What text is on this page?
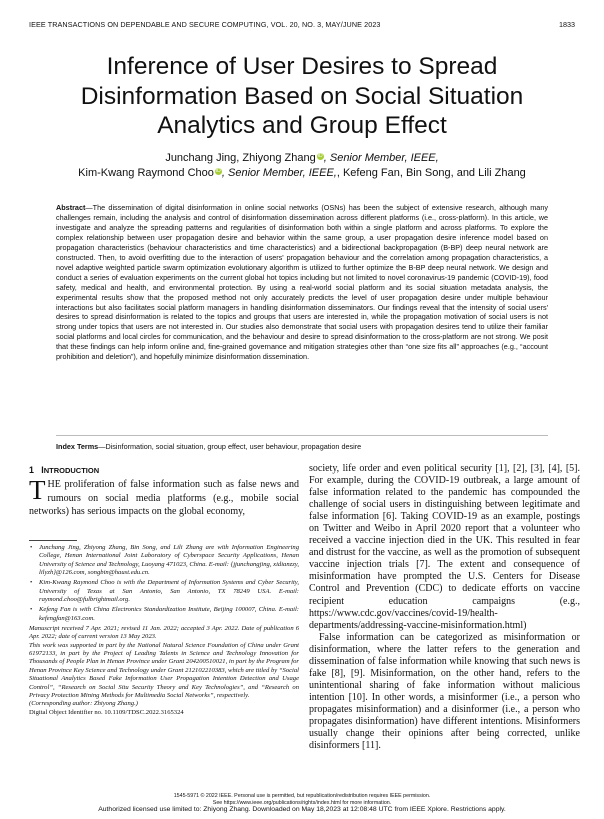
IEEE TRANSACTIONS ON DEPENDABLE AND SECURE COMPUTING, VOL. 20, NO. 3, MAY/JUNE 2023	1833
Inference of User Desires to Spread Disinformation Based on Social Situation Analytics and Group Effect
Junchang Jing, Zhiyong Zhang iD, Senior Member, IEEE,
Kim-Kwang Raymond Choo iD, Senior Member, IEEE,, Kefeng Fan, Bin Song, and Lili Zhang
Abstract—The dissemination of digital disinformation in online social networks (OSNs) has been the subject of extensive research, although many challenges remain, including the analysis and control of disinformation dissemination across different platforms (i.e., cross-platform). In this article, we investigate and analyze the spreading patterns and regularities of disinformation both within a single platform and across platforms. To explore the complex relationship between user propagation desire and behavior within the same group, a user propagation desire inference model based on propagation characteristics (behaviour characteristics and time characteristics) and a bidirectional backpropagation (B-BP) deep neural network are constructed. Then, to avoid overfitting due to the interaction of users' propagation behaviour and the correlation among propagation characteristics, a novel adaptive weighted particle swarm optimization evolutionary algorithm is utilized to further optimize the B-BP deep neural network. We design and conduct a series of evaluation experiments on the current global hot topics including but not limited to novel coronavirus-19 pandemic (COVID-19), food safety, medical and health, and environmental protection. By using a real-world social platform and its social situation metadata analysis, the experimental results show that the proposed method not only accurately predicts the level of user propagation desire under multiple behaviour interactions but also facilitates social platform managers in handling disinformation disseminators. Our findings reveal that the intensity of social users' desires to spread disinformation is related to the topics and groups that users are interested in, while the propagation motivation of social users is not strong under topics that users are not interested in. Our studies also demonstrate that social users with propagation desires tend to utilize their familiar social platforms and local circles for communication, and the behaviour and desire to spread disinformation to the cross-platform are not strong. We posit that these findings can help inform online and, fine-grained governance and mitigation strategies other than “one size fits all” approaches (e.g., “account prohibition and deletion”), and hopefully minimize disinformation dissemination.
Index Terms—Disinformation, social situation, group effect, user behaviour, propagation desire
1 INTRODUCTION
THE proliferation of false information such as false news and rumours on social media platforms (e.g., mobile social networks) has serious impacts on the global economy,
• Junchang Jing, Zhiyong Zhang, Bin Song, and Lili Zhang are with Information Engineering College, Henan International Joint Laboratory of Cyberspace Security Applications, Henan University of Science and Technology, Luoyang 471023, China. E-mail: {jjunchangjing, xidianzzy, lilyzh}@126.com, songbin@haust.edu.cn.
• Kim-Kwang Raymond Choo is with the Department of Information Systems and Cyber Security, University of Texas at San Antonio, San Antonio, TX 78249 USA. E-mail: raymond.choo@fulbrightmail.org.
• Kefeng Fan is with China Electronics Standardization Institute, Beijing 100007, China. E-mail: kefengfan@163.com.

Manuscript received 7 Apr. 2021; revised 11 Jan. 2022; accepted 3 Apr. 2022. Date of publication 6 Apr. 2022; date of current version 13 May 2023.

This work was supported in part by the National Natural Science Foundation of China under Grant 61972133, in part by the Project of Leading Talents in Science and Technology Innovation for Thousands of People Plan in Henan Province under Grant 204200510021, in part by the Program for Henan Province Key Science and Technology under Grant 212102210383, which are titled by “Social Situational Analytics Based Fake Information User Propagation Intention Detection and Usage Control”, “Research on Social Situ Security Theory and Key Technologies”, and “Research on Privacy Protection Mining Methods for Multimedia Social Networks”, respectively.

(Corresponding author: Zhiyong Zhang.)

Digital Object Identifier no. 10.1109/TDSC.2022.3165324

society, life order and even political security [1], [2], [3], [4], [5]. For example, during the COVID-19 outbreak, a large amount of false information related to the pandemic has compounded the challenge of social users in distinguishing between legitimate and false information [6]. Taking COVID-19 as an example, postings on Twitter and Weibo in April 2020 report that a volunteer who received a vaccine injection died in the UK. This resulted in fear and distrust for the vaccine, as well as the promotion of subsequent vaccine injection trials [7]. The extent and consequence of misinformation have prompted the U.S. Centers for Disease Control and Prevention (CDC) to dedicate efforts on vaccine recipient education campaigns (e.g., https://www.cdc.gov/vaccines/covid-19/health-departments/addressing-vaccine-misinformation.html)

False information can be categorized as misinformation or disinformation, where the latter refers to the generation and dissemination of false information while knowing that such news is fake [8], [9]. Misinformation, on the other hand, refers to the unintentional sharing of fake information without malicious intention [10]. In other words, a misinformer (i.e., a person who propagates misinformation) and a disinformer (i.e., a person who propagates disinformation) have different intentions. Misinformers usually change their opinions after being corrected, unlike disinformers [11].

1545-5971 © 2022 IEEE. Personal use is permitted, but republication/redistribution requires IEEE permission.
See https://www.ieee.org/publications/rights/index.html for more information.
Authorized licensed use limited to: Zhiyong Zhang. Downloaded on May 18,2023 at 12:08:48 UTC from IEEE Xplore. Restrictions apply.
